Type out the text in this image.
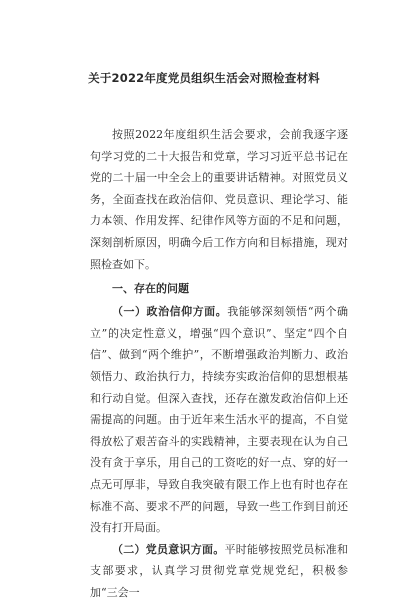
关于2022年度党员组织生活会对照检查材料

按照2022年度组织生活会要求，会前我逐字逐句学习党的二十大报告和党章，学习习近平总书记在党的二十届一中全会上的重要讲话精神。对照党员义务，全面查找在政治信仰、党员意识、理论学习、能力本领、作用发挥、纪律作风等方面的不足和问题，深刻剖析原因，明确今后工作方向和目标措施，现对照检查如下。

一、存在的问题

（一）政治信仰方面。我能够深刻领悟“两个确立”的决定性意义，增强“四个意识”、坚定“四个自信”、做到“两个维护”，不断增强政治判断力、政治领悟力、政治执行力，持续夯实政治信仰的思想根基和行动自觉。但深入查找，还存在激发政治信仰上还需提高的问题。由于近年来生活水平的提高，不自觉得放松了艰苦奋斗的实践精神，主要表现在认为自己没有贪于享乐，用自己的工资吃的好一点、穿的好一点无可厚非，导致自我突破有限工作上也有时也存在标准不高、要求不严的问题，导致一些工作到目前还没有打开局面。

（二）党员意识方面。平时能够按照党员标准和支部要求，认真学习贯彻党章党规党纪，积极参加“三会一
